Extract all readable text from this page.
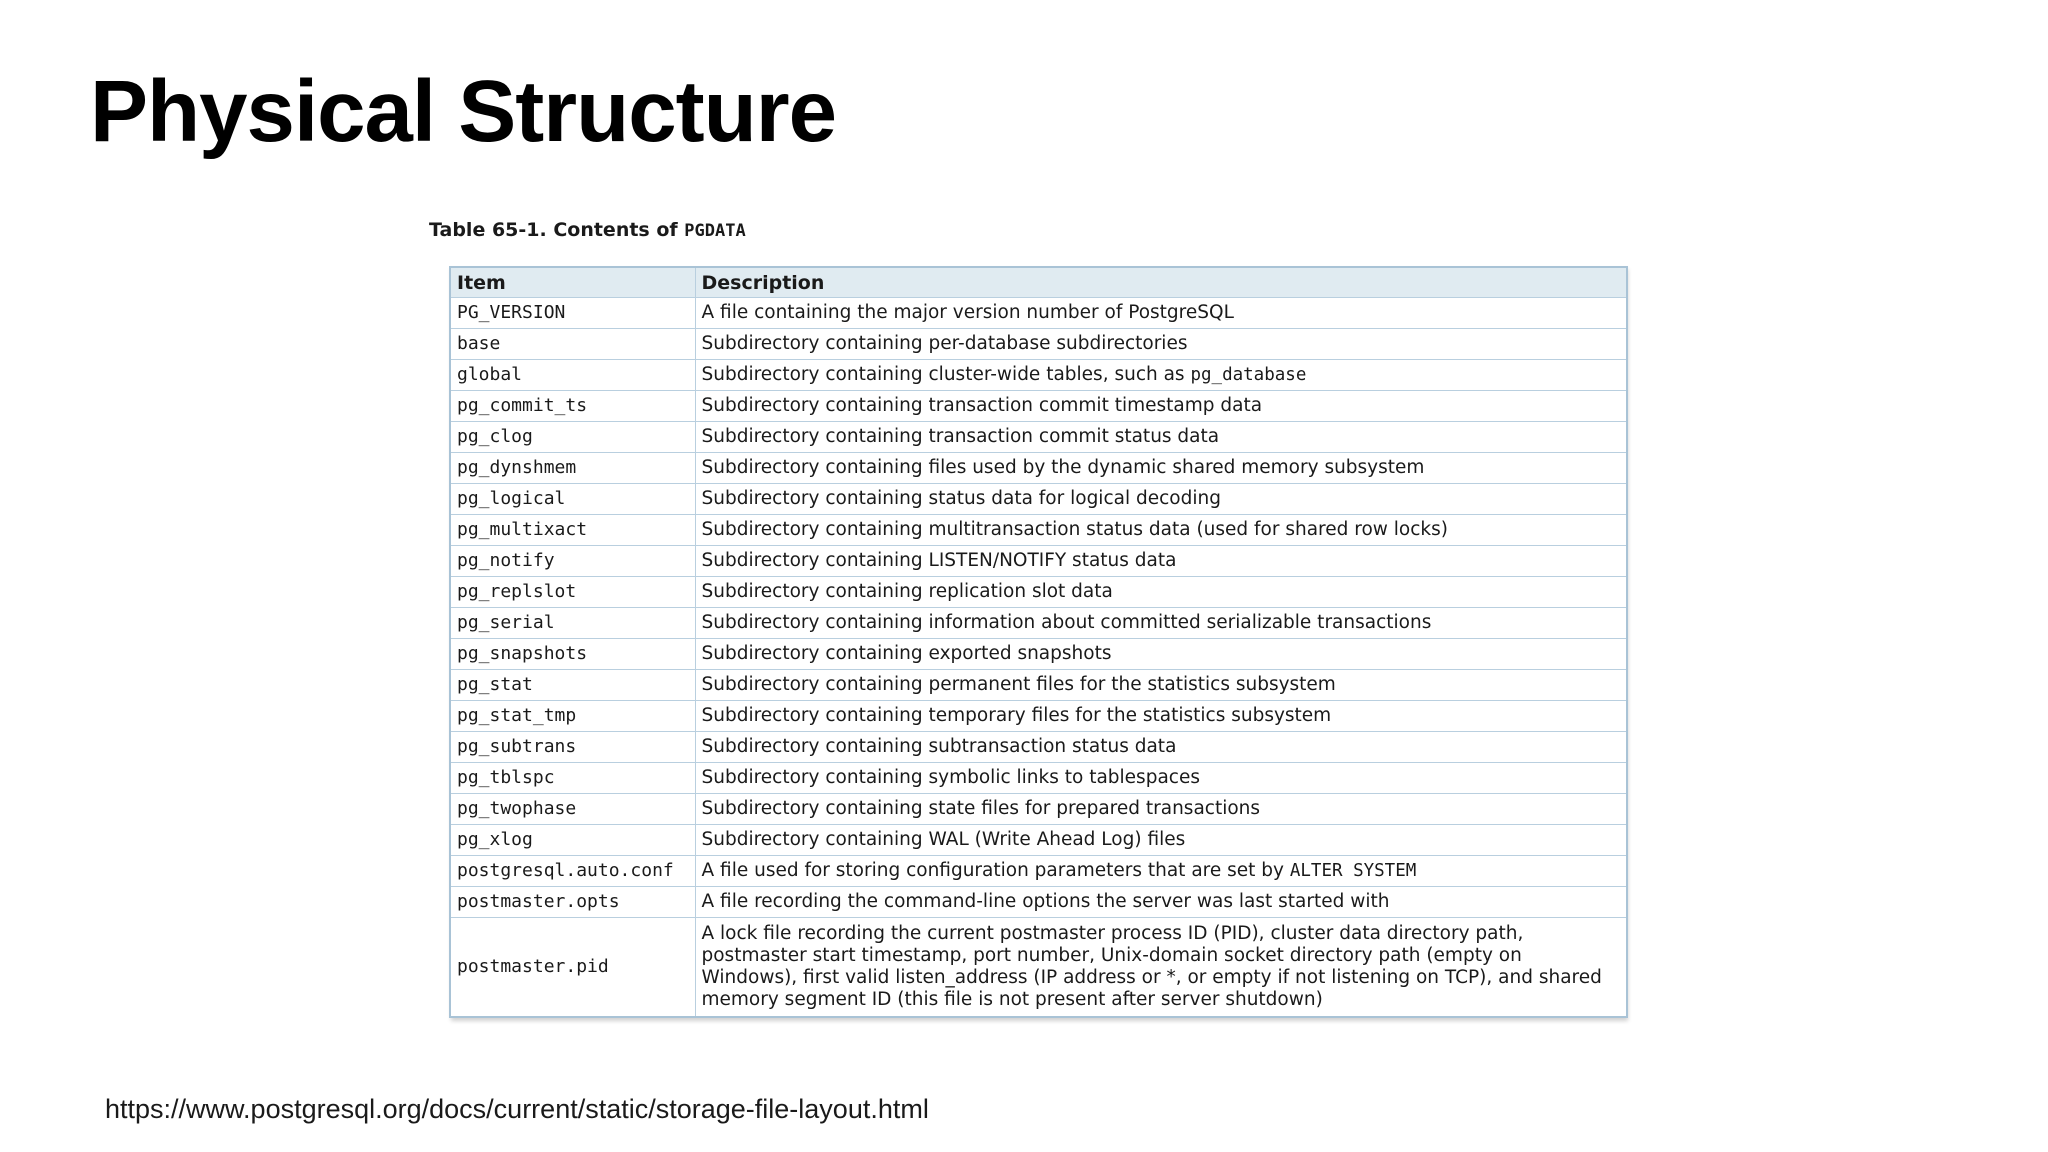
Physical Structure
Table 65-1. Contents of PGDATA
Item	Description
PG_VERSION	A file containing the major version number of PostgreSQL
base	Subdirectory containing per-database subdirectories
global	Subdirectory containing cluster-wide tables, such as pg_database
pg_commit_ts	Subdirectory containing transaction commit timestamp data
pg_clog	Subdirectory containing transaction commit status data
pg_dynshmem	Subdirectory containing files used by the dynamic shared memory subsystem
pg_logical	Subdirectory containing status data for logical decoding
pg_multixact	Subdirectory containing multitransaction status data (used for shared row locks)
pg_notify	Subdirectory containing LISTEN/NOTIFY status data
pg_replslot	Subdirectory containing replication slot data
pg_serial	Subdirectory containing information about committed serializable transactions
pg_snapshots	Subdirectory containing exported snapshots
pg_stat	Subdirectory containing permanent files for the statistics subsystem
pg_stat_tmp	Subdirectory containing temporary files for the statistics subsystem
pg_subtrans	Subdirectory containing subtransaction status data
pg_tblspc	Subdirectory containing symbolic links to tablespaces
pg_twophase	Subdirectory containing state files for prepared transactions
pg_xlog	Subdirectory containing WAL (Write Ahead Log) files
postgresql.auto.conf	A file used for storing configuration parameters that are set by ALTER SYSTEM
postmaster.opts	A file recording the command-line options the server was last started with
postmaster.pid	A lock file recording the current postmaster process ID (PID), cluster data directory path, postmaster start timestamp, port number, Unix-domain socket directory path (empty on Windows), first valid listen_address (IP address or *, or empty if not listening on TCP), and shared memory segment ID (this file is not present after server shutdown)
https://www.postgresql.org/docs/current/static/storage-file-layout.html
